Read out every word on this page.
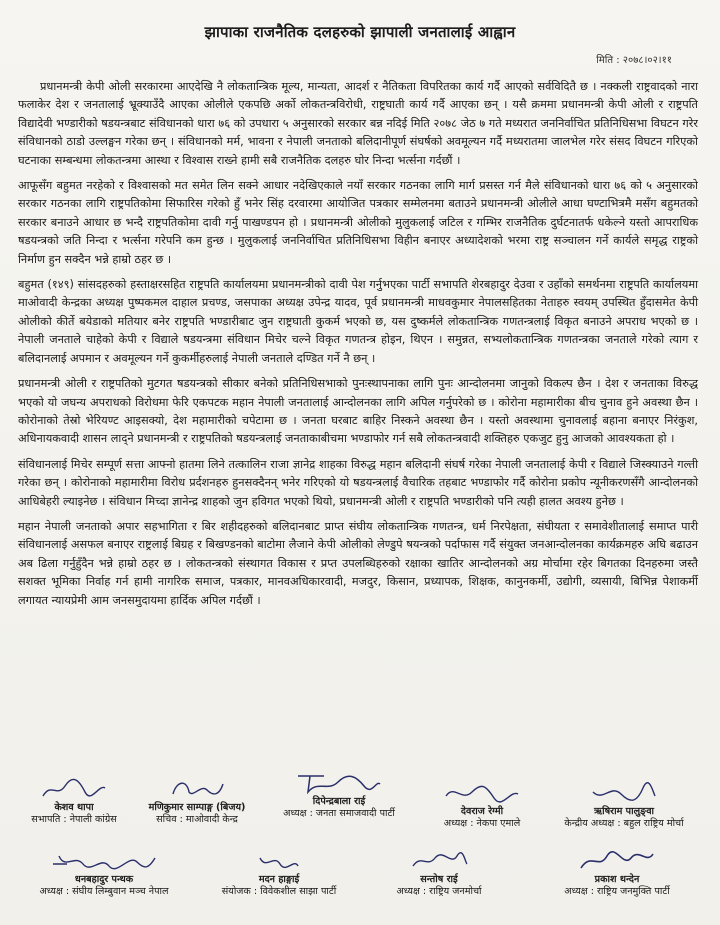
झापाका राजनैतिक दलहरुको झापाली जनतालाई आह्वान
मिति : २०७८।०२।११

प्रधानमन्त्री केपी ओली सरकारमा आएदेखि नै लोकतान्त्रिक मूल्य, मान्यता, आदर्श र नैतिकता विपरितका कार्य गर्दै आएको सर्वविदितै छ । नक्कली राष्ट्रवादको नारा फलाकेर देश र जनतालाई भ्रूक्याउँदै आएका ओलीले एकपछि अर्को लोकतन्त्रविरोधी, राष्ट्रघाती कार्य गर्दै आएका छन् । यसै क्रममा प्रधानमन्त्री केपी ओली र राष्ट्रपति विद्यादेवी भण्डारीको षडयन्त्रबाट संविधानको धारा ७६ को उपधारा ५ अनुसारको सरकार बन्न नदिई मिति २०७८ जेठ ७ गते मध्यरात जननिर्वाचित प्रतिनिधिसभा विघटन गरेर संविधानको ठाडो उल्लङ्घन गरेका छन् । संविधानको मर्म, भावना र नेपाली जनताको बलिदानीपूर्ण संघर्षको अवमूल्यन गर्दै मध्यरातमा जालभेल गरेर संसद विघटन गरिएको घटनाका सम्बन्धमा लोकतन्त्रमा आस्था र विश्वास राख्ने हामी सबै राजनैतिक दलहरु घोर निन्दा भर्त्सना गर्दछौं ।

आफूसँग बहुमत नरहेको र विश्वासको मत समेत लिन सक्ने आधार नदेखिएकाले नयाँ सरकार गठनका लागि मार्ग प्रसस्त गर्न मैले संविधानको धारा ७६ को ५ अनुसारको सरकार गठनका लागि राष्ट्रपतिकोमा सिफारिस गरेको हुँ भनेर सिंह दरवारमा आयोजित पत्रकार सम्मेलनमा बताउने प्रधानमन्त्री ओलीले आधा घण्टाभित्रमै मसँग बहुमतको सरकार बनाउने आधार छ भन्दै राष्ट्रपतिकोमा दावी गर्नु पाखण्डपन हो । प्रधानमन्त्री ओलीको मुलुकलाई जटिल र गम्भिर राजनैतिक दुर्घटनातर्फ धकेल्ने यस्तो आपराधिक षडयन्त्रको जति निन्दा र भर्त्सना गरेपनि कम हुन्छ । मुलुकलाई जननिर्वाचित प्रतिनिधिसभा विहीन बनाएर अध्यादेशको भरमा राष्ट्र सञ्चालन गर्ने कार्यले समृद्ध राष्ट्रको निर्माण हुन सक्दैन भन्ने हाम्रो ठहर छ ।

बहुमत (१४९) सांसदहरुको हस्ताक्षरसहित राष्ट्रपति कार्यालयमा प्रधानमन्त्रीको दावी पेश गर्नुभएका पार्टी सभापति शेरबहादुर देउवा र उहाँको समर्थनमा राष्ट्रपति कार्यालयमा माओवादी केन्द्रका अध्यक्ष पुष्पकमल दाहाल प्रचण्ड, जसपाका अध्यक्ष उपेन्द्र यादव, पूर्व प्रधानमन्त्री माधवकुमार नेपालसहितका नेताहरु स्वयम् उपस्थित हुँदासमेत केपी ओलीको कीर्ते बयेडाको मतियार बनेर राष्ट्रपति भण्डारीबाट जुन राष्ट्रघाती कुकर्म भएको छ, यस दुष्कर्मले लोकतान्त्रिक गणतन्त्रलाई विकृत बनाउने अपराध भएको छ । नेपाली जनताले चाहेको केपी र विद्याले षडयन्त्रमा संविधान मिचेर चल्ने विकृत गणतन्त्र होइन, थिएन । समुन्नत, सभ्यलोकतान्त्रिक गणतन्त्रका जनताले गरेको त्याग र बलिदानलाई अपमान र अवमूल्यन गर्ने कुकर्मीहरुलाई नेपाली जनताले दण्डित गर्ने नै छन् ।

प्रधानमन्त्री ओली र राष्ट्रपतिको मुटगत षडयन्त्रको सीकार बनेको प्रतिनिधिसभाको पुनःस्थापनाका लागि पुनः आन्दोलनमा जानुको विकल्प छैन । देश र जनताका विरुद्ध भएको यो जघन्य अपराधको विरोधमा फेरि एकपटक महान नेपाली जनतालाई आन्दोलनका लागि अपिल गर्नुपरेको छ । कोरोना महामारीका बीच चुनाव हुने अवस्था छैन । कोरोनाको तेस्रो भेरियण्ट आइसक्यो, देश महामारीको चपेटामा छ । जनता घरबाट बाहिर निस्कने अवस्था छैन । यस्तो अवस्थामा चुनावलाई बहाना बनाएर निरंकुश, अधिनायकवादी शासन लाद्ने प्रधानमन्त्री र राष्ट्रपतिको षडयन्त्रलाई जनताकाबीचमा भण्डाफोर गर्न सबै लोकतन्त्रवादी शक्तिहरु एकजुट हुनु आजको आवश्यकता हो ।

संविधानलाई मिचेर सम्पूर्ण सत्ता आफ्नो हातमा लिने तत्कालिन राजा ज्ञानेद्र शाहका विरुद्ध महान बलिदानी संघर्ष गरेका नेपाली जनतालाई केपी र विद्याले जिस्क्याउने गल्ती गरेका छन् । कोरोनाको महामारीमा विरोध प्रर्दशनहरु हुनसक्दैनन् भनेर गरिएको यो षडयन्त्रलाई वैचारिक तहबाट भण्डाफोर गर्दै कोरोना प्रकोप न्यूनीकरणसँगै आन्दोलनको आधिबेहरी ल्याइनेछ । संविधान मिच्दा ज्ञानेन्द्र शाहको जुन हविगत भएको थियो, प्रधानमन्त्री ओली र राष्ट्रपति भण्डारीको पनि त्यही हालत अवश्य हुनेछ ।

महान नेपाली जनताको अपार सहभागिता र बिर शहीदहरुको बलिदानबाट प्राप्त संघीय लोकतान्त्रिक गणतन्त्र, धर्म निरपेक्षता, संघीयता र समावेशीतालाई समाप्त पारी संविधानलाई असफल बनाएर राष्ट्रलाई बिग्रह र बिखण्डनको बाटोमा लैजाने केपी ओलीको लेण्डुपे षयन्त्रको पर्दाफास गर्दै संयुक्त जनआन्दोलनका कार्यक्रमहरु अघि बढाउन अब ढिला गर्नुहुँदैन भन्ने हाम्रो ठहर छ । लोकतन्त्रको संस्थागत विकास र प्रप्त उपलब्धिहरुको रक्षाका खातिर आन्दोलनको अग्र मोर्चामा रहेर बिगतका दिनहरुमा जस्तै सशक्त भूमिका निर्वाह गर्न हामी नागरिक समाज, पत्रकार, मानवअधिकारवादी, मजदुर, किसान, प्रध्यापक, शिक्षक, कानुनकर्मी, उद्योगी, व्यसायी, बिभिन्न पेशाकर्मी लगायत न्यायप्रेमी आम जनसमुदायमा हार्दिक अपिल गर्दछौं ।

केशव थापा
सभापति : नेपाली कांग्रेस
मणिकुमार साम्पाङ्ग (बिजय)
सचिव : माओवादी केन्द्र
दिपेन्द्रबाला राई
अध्यक्ष : जनता समाजवादी पार्टी	देवराज रेग्मी
अध्यक्ष : नेकपा एमाले
ऋषिराम पालुङ्वा
केन्द्रीय अध्यक्ष : बहुल राष्ट्रिय मोर्चा
धनबहादुर पन्थक
अध्यक्ष : संघीय लिम्बुवान मञ्च नेपाल
मदन हाङ्गाई
संयोजक : विवेकशील साझा पार्टी
सन्तोष राई
अध्यक्ष : राष्ट्रिय जनमोर्चा
प्रकाश थन्देन
अध्यक्ष : राष्ट्रिय जनमुक्ति पार्टी
